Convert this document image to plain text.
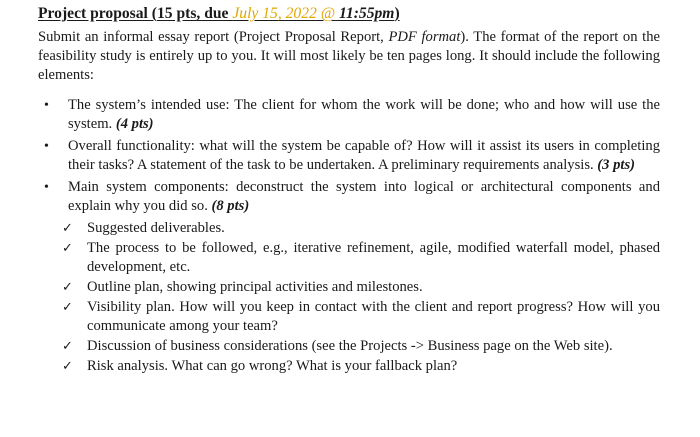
Project proposal (15 pts, due July 15, 2022 @ 11:55pm)

Submit an informal essay report (Project Proposal Report, PDF format). The format of the report on the feasibility study is entirely up to you. It will most likely be ten pages long. It should include the following elements:

• The system’s intended use: The client for whom the work will be done; who and how will use the system. (4 pts)
• Overall functionality: what will the system be capable of? How will it assist its users in completing their tasks? A statement of the task to be undertaken. A preliminary requirements analysis. (3 pts)
• Main system components: deconstruct the system into logical or architectural components and explain why you did so. (8 pts)
✓ Suggested deliverables.
✓ The process to be followed, e.g., iterative refinement, agile, modified waterfall model, phased development, etc.
✓ Outline plan, showing principal activities and milestones.
✓ Visibility plan. How will you keep in contact with the client and report progress? How will you communicate among your team?
✓ Discussion of business considerations (see the Projects -> Business page on the Web site).
✓ Risk analysis. What can go wrong? What is your fallback plan?
